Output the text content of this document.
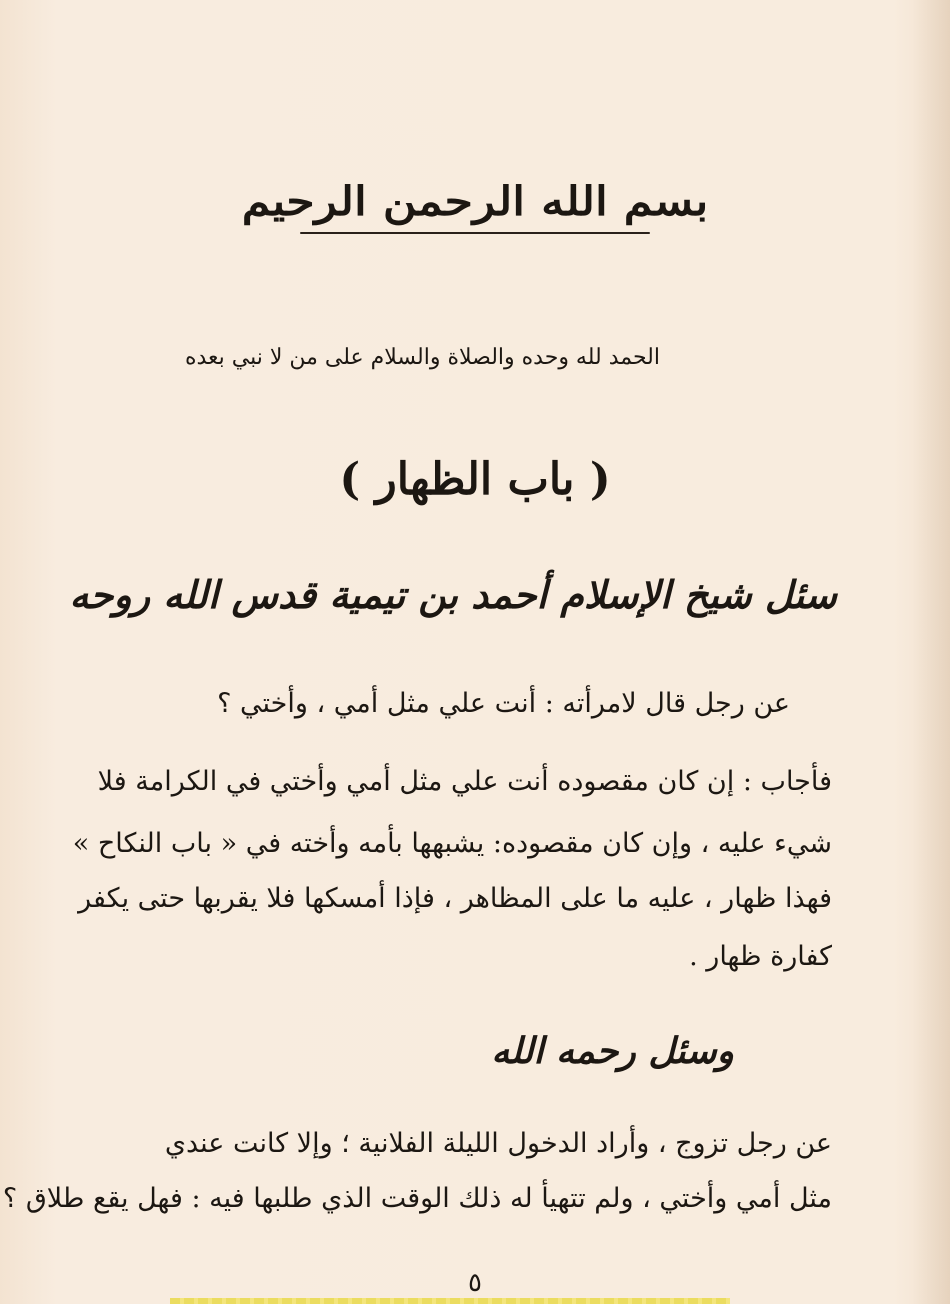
بسم الله الرحمن الرحيم
الحمد لله وحده والصلاة والسلام على من لا نبي بعده
( باب الظهار )
سئل شيخ الإسلام أحمد بن تيمية قدس الله روحه
عن رجل قال لامرأته : أنت علي مثل أمي ، وأختي ؟
فأجاب : إن كان مقصوده أنت علي مثل أمي وأختي في الكرامة فلا
شيء عليه ، وإن كان مقصوده: يشبهها بأمه وأخته في « باب النكاح »
فهذا ظهار ، عليه ما على المظاهر ، فإذا أمسكها فلا يقربها حتى يكفر
كفارة ظهار .
وسئل رحمه الله
عن رجل تزوج ، وأراد الدخول الليلة الفلانية ؛ وإلا كانت عندي
مثل أمي وأختي ، ولم تتهيأ له ذلك الوقت الذي طلبها فيه : فهل يقع طلاق ؟
٥
